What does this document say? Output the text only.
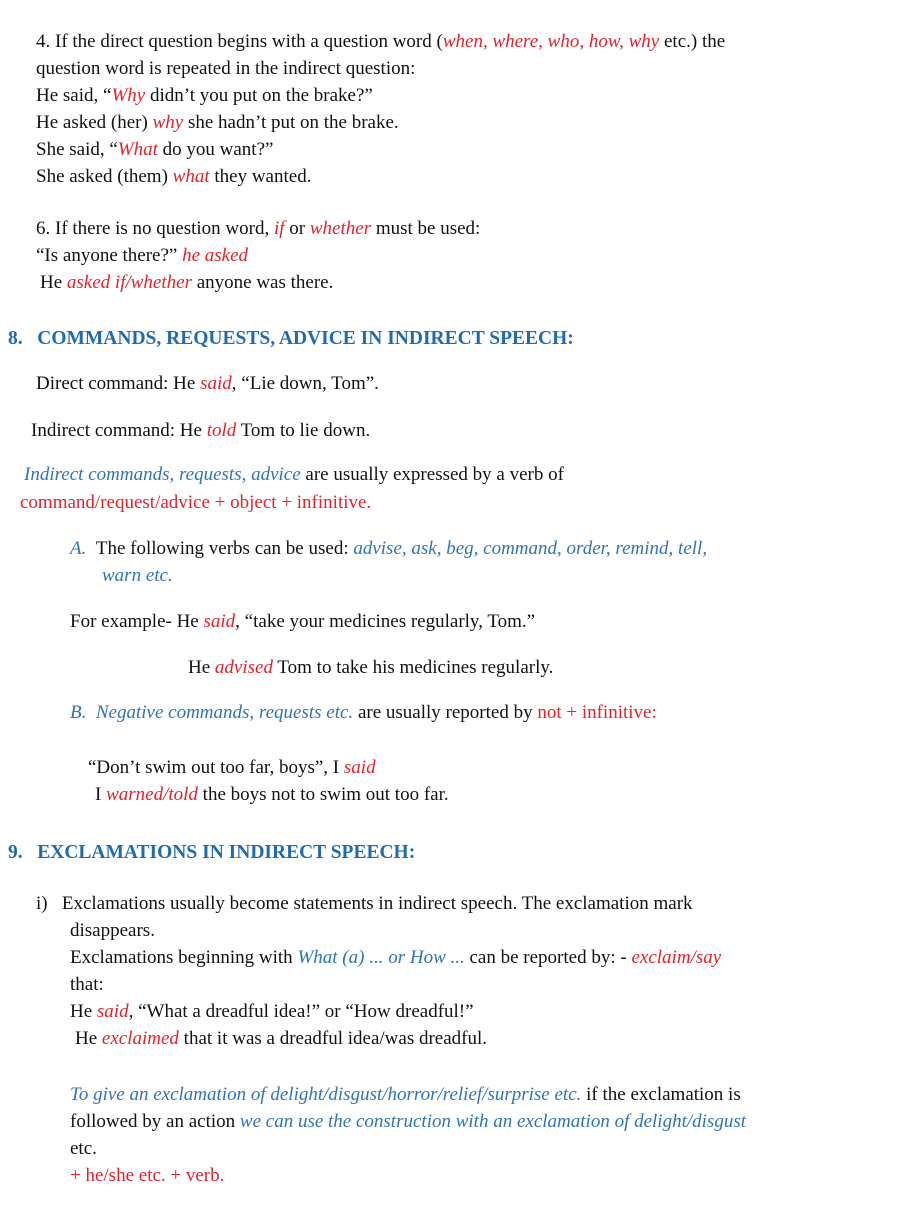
4. If the direct question begins with a question word (when, where, who, how, why etc.) the
question word is repeated in the indirect question:
He said, “Why didn’t you put on the brake?”
He asked (her) why she hadn’t put on the brake.
She said, “What do you want?”
She asked (them) what they wanted.
6. If there is no question word, if or whether must be used:
“Is anyone there?” he asked
He asked if/whether anyone was there.
8.   COMMANDS, REQUESTS, ADVICE IN INDIRECT SPEECH:
Direct command: He said, “Lie down, Tom”.
Indirect command: He told Tom to lie down.
Indirect commands, requests, advice are usually expressed by a verb of
command/request/advice + object + infinitive.
A.  The following verbs can be used: advise, ask, beg, command, order, remind, tell,
warn etc.
For example- He said, “take your medicines regularly, Tom.”
He advised Tom to take his medicines regularly.
B. Negative commands, requests etc. are usually reported by not + infinitive:
“Don’t swim out too far, boys”, I said
I warned/told the boys not to swim out too far.
9.   EXCLAMATIONS IN INDIRECT SPEECH:
i)   Exclamations usually become statements in indirect speech. The exclamation mark
disappears.
Exclamations beginning with What (a) ... or How ... can be reported by: - exclaim/say
that:
He said, “What a dreadful idea!” or “How dreadful!”
He exclaimed that it was a dreadful idea/was dreadful.
To give an exclamation of delight/disgust/horror/relief/surprise etc. if the exclamation is
followed by an action we can use the construction with an exclamation of delight/disgust
etc.
+ he/she etc. + verb.
